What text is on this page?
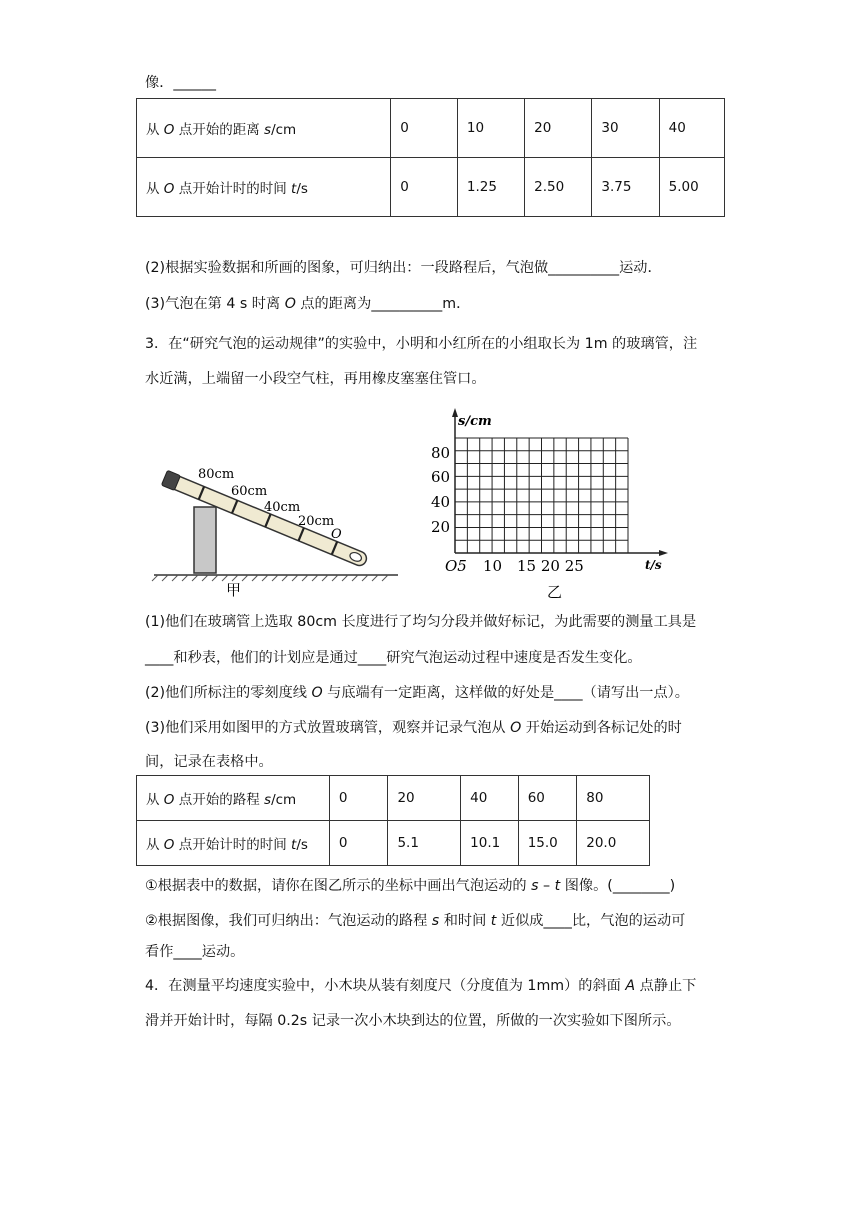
像．______
从 O 点开始的距离 s/cm	0	10	20	30	40
从 O 点开始计时的时间 t/s	0	1.25	2.50	3.75	5.00
(2)根据实验数据和所画的图象，可归纳出：一段路程后，气泡做__________运动．
(3)气泡在第 4 s 时离 O 点的距离为__________m．
3．在“研究气泡的运动规律”的实验中，小明和小红所在的小组取长为 1m 的玻璃管，注
水近满，上端留一小段空气柱，再用橡皮塞塞住管口。
80cm
60cm
40cm
20cm
O
甲
s/cm
t/s
80
60
40
20
O5 10 15 20 25
乙
(1)他们在玻璃管上选取 80cm 长度进行了均匀分段并做好标记，为此需要的测量工具是
____和秒表，他们的计划应是通过____研究气泡运动过程中速度是否发生变化。
(2)他们所标注的零刻度线 O 与底端有一定距离，这样做的好处是____（请写出一点）。
(3)他们采用如图甲的方式放置玻璃管，观察并记录气泡从 O 开始运动到各标记处的时
间，记录在表格中。
从 O 点开始的路程 s/cm	0	20	40	60	80
从 O 点开始计时的时间 t/s	0	5.1	10.1	15.0	20.0
①根据表中的数据，请你在图乙所示的坐标中画出气泡运动的 s – t 图像。(________)
②根据图像，我们可归纳出：气泡运动的路程 s 和时间 t 近似成____比，气泡的运动可
看作____运动。
4．在测量平均速度实验中，小木块从装有刻度尺（分度值为 1mm）的斜面 A 点静止下
滑并开始计时，每隔 0.2s 记录一次小木块到达的位置，所做的一次实验如下图所示。
